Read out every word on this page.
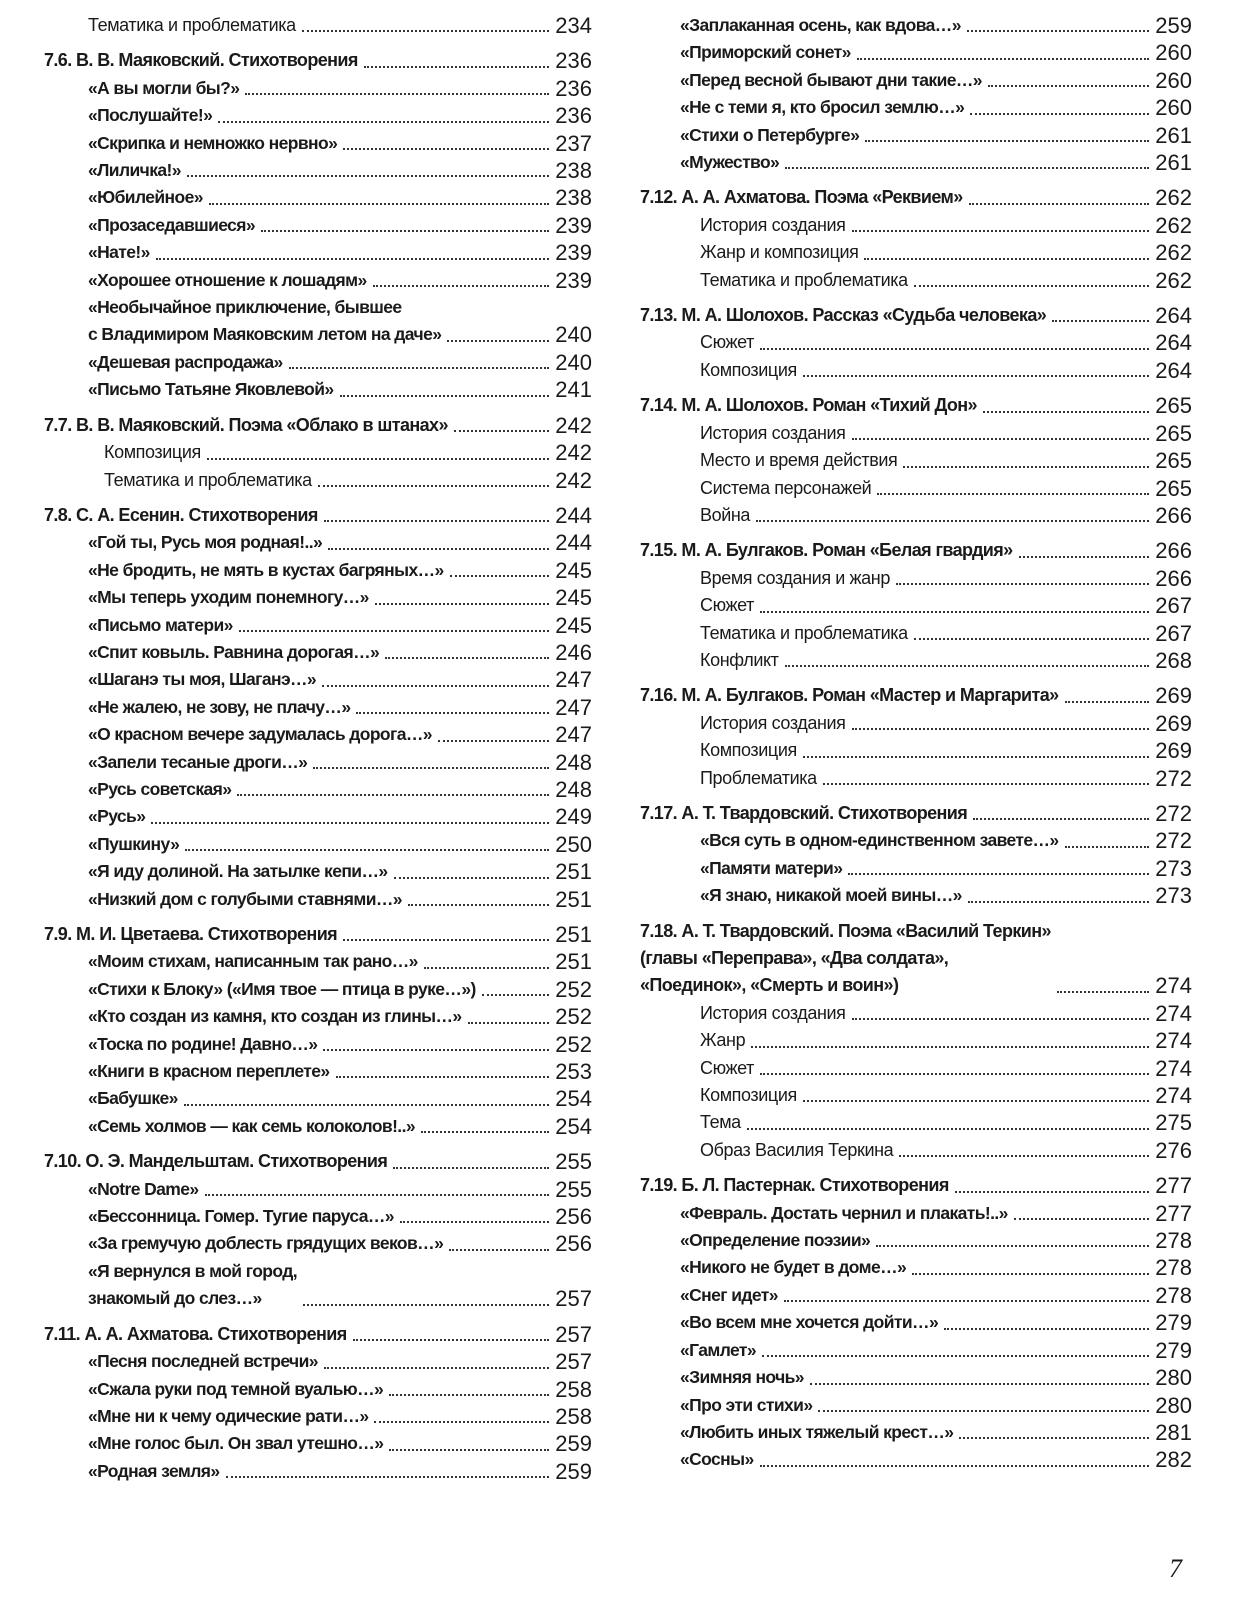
Тематика и проблематика	234
7.6. В. В. Маяковский. Стихотворения	236
«А вы могли бы?»	236
«Послушайте!»	236
«Скрипка и немножко нервно»	237
«Лиличка!»	238
«Юбилейное»	238
«Прозаседавшиеся»	239
«Нате!»	239
«Хорошее отношение к лошадям»	239
«Необычайное приключение, бывшее
с Владимиром Маяковским летом на даче»	240
«Дешевая распродажа»	240
«Письмо Татьяне Яковлевой»	241
7.7. В. В. Маяковский. Поэма «Облако в штанах»	242
Композиция	242
Тематика и проблематика	242
7.8. С. А. Есенин. Стихотворения	244
«Гой ты, Русь моя родная!..»	244
«Не бродить, не мять в кустах багряных…»	245
«Мы теперь уходим понемногу…»	245
«Письмо матери»	245
«Спит ковыль. Равнина дорогая…»	246
«Шаганэ ты моя, Шаганэ…»	247
«Не жалею, не зову, не плачу…»	247
«О красном вечере задумалась дорога…»	247
«Запели тесаные дроги…»	248
«Русь советская»	248
«Русь»	249
«Пушкину»	250
«Я иду долиной. На затылке кепи…»	251
«Низкий дом с голубыми ставнями…»	251
7.9. М. И. Цветаева. Стихотворения	251
«Моим стихам, написанным так рано…»	251
«Стихи к Блоку» («Имя твое — птица в руке…»)	252
«Кто создан из камня, кто создан из глины…»	252
«Тоска по родине! Давно…»	252
«Книги в красном переплете»	253
«Бабушке»	254
«Семь холмов — как семь колоколов!..»	254
7.10. О. Э. Мандельштам. Стихотворения	255
«Notre Dame»	255
«Бессонница. Гомер. Тугие паруса…»	256
«За гремучую доблесть грядущих веков…»	256
«Я вернулся в мой город,
знакомый до слез…»	257
7.11. А. А. Ахматова. Стихотворения	257
«Песня последней встречи»	257
«Сжала руки под темной вуалью…»	258
«Мне ни к чему одические рати…»	258
«Мне голос был. Он звал утешно…»	259
«Родная земля»	259
«Заплаканная осень, как вдова…»	259
«Приморский сонет»	260
«Перед весной бывают дни такие…»	260
«Не с теми я, кто бросил землю…»	260
«Стихи о Петербурге»	261
«Мужество»	261
7.12. А. А. Ахматова. Поэма «Реквием»	262
История создания	262
Жанр и композиция	262
Тематика и проблематика	262
7.13. М. А. Шолохов. Рассказ «Судьба человека»	264
Сюжет	264
Композиция	264
7.14. М. А. Шолохов. Роман «Тихий Дон»	265
История создания	265
Место и время действия	265
Система персонажей	265
Война	266
7.15. М. А. Булгаков. Роман «Белая гвардия»	266
Время создания и жанр	266
Сюжет	267
Тематика и проблематика	267
Конфликт	268
7.16. М. А. Булгаков. Роман «Мастер и Маргарита»	269
История создания	269
Композиция	269
Проблематика	272
7.17. А. Т. Твардовский. Стихотворения	272
«Вся суть в одном-единственном завете…»	272
«Памяти матери»	273
«Я знаю, никакой моей вины…»	273
7.18. А. Т. Твардовский. Поэма «Василий Теркин»
(главы «Переправа», «Два солдата»,
«Поединок», «Смерть и воин»)	274
История создания	274
Жанр	274
Сюжет	274
Композиция	274
Тема	275
Образ Василия Теркина	276
7.19. Б. Л. Пастернак. Стихотворения	277
«Февраль. Достать чернил и плакать!..»	277
«Определение поэзии»	278
«Никого не будет в доме…»	278
«Снег идет»	278
«Во всем мне хочется дойти…»	279
«Гамлет»	279
«Зимняя ночь»	280
«Про эти стихи»	280
«Любить иных тяжелый крест…»	281
«Сосны»	282
7
